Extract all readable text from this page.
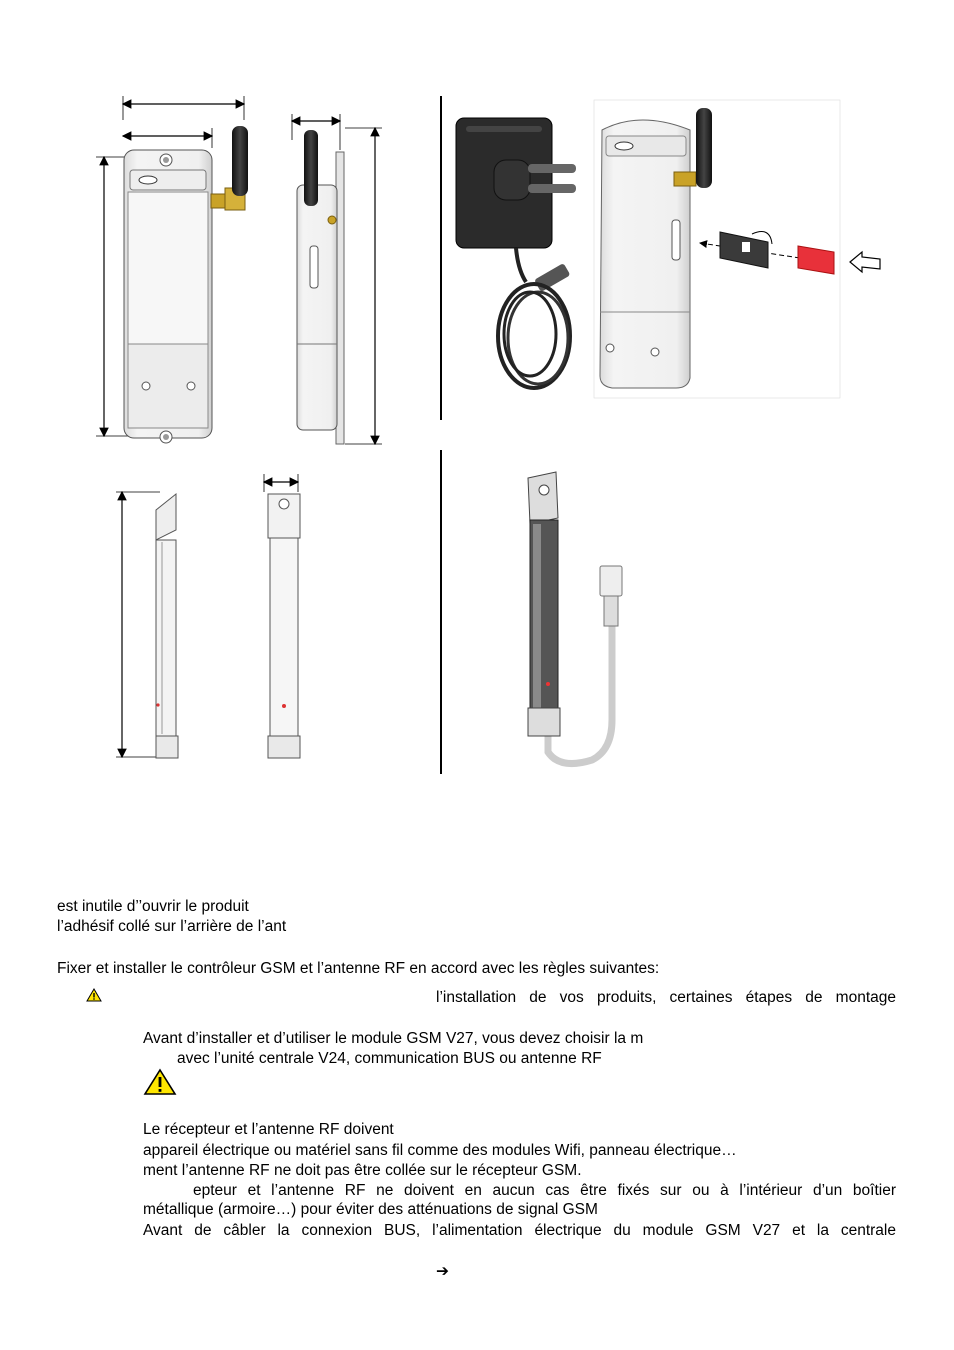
est inutile d’’ouvrir le produit
l’adhésif collé sur l’arrière de l’ant
Fixer et installer le contrôleur GSM et l’antenne RF en accord avec les règles suivantes:
l’installation de vos produits, certaines étapes de montage
Avant d’installer et d’utiliser le module GSM V27, vous devez choisir la m
avec l’unité centrale V24, communication BUS ou antenne RF
Le récepteur et l’antenne RF doivent
appareil électrique ou matériel sans fil comme des modules Wifi, panneau électrique…
ment l’antenne RF ne doit pas être collée sur le récepteur GSM.
epteur et l’antenne RF ne doivent en aucun cas être fixés sur ou à l’intérieur d’un boîtier
métallique (armoire…) pour éviter des atténuations de signal GSM
Avant de câbler la connexion BUS, l’alimentation électrique du module GSM V27 et la centrale
➔
